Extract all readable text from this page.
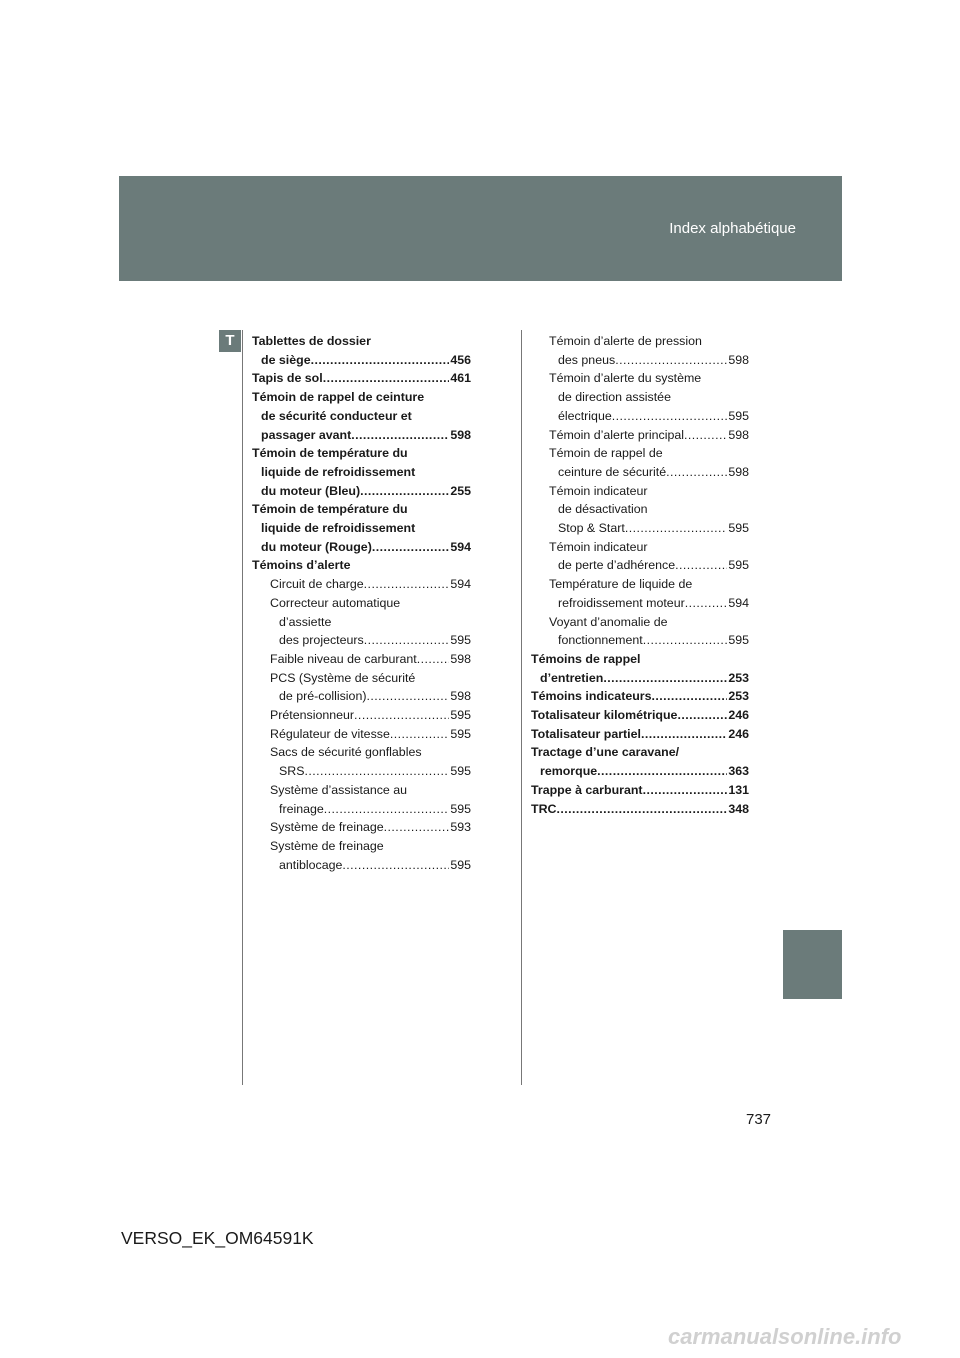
Index alphabétique
T	Tablettes de dossier
de siège . . .	456
Tapis de sol . . .	461
Témoin de rappel de ceinture
de sécurité conducteur et
passager avant . . .	598
Témoin de température du
liquide de refroidissement
du moteur (Bleu) . . .	255
Témoin de température du
liquide de refroidissement
du moteur (Rouge) . . .	594
Témoins d’alerte
Circuit de charge . . .	594
Correcteur automatique
d’assiette
des projecteurs . . .	595
Faible niveau de carburant . . .	598
PCS (Système de sécurité
de pré-collision) . . .	598
Prétensionneur . . .	595
Régulateur de vitesse . . .	595
Sacs de sécurité gonflables
SRS . . .	595
Système d’assistance au
freinage . . .	595
Système de freinage . . .	593
Système de freinage
antiblocage . . .	595
Témoin d’alerte de pression
des pneus . . .	598
Témoin d’alerte du système
de direction assistée
électrique . . .	595
Témoin d’alerte principal . . .	598
Témoin de rappel de
ceinture de sécurité . . .	598
Témoin indicateur
de désactivation
Stop & Start . . .	595
Témoin indicateur
de perte d’adhérence . . .	595
Température de liquide de
refroidissement moteur . . .	594
Voyant d’anomalie de
fonctionnement . . .	595
Témoins de rappel
d’entretien . . .	253
Témoins indicateurs . . .	253
Totalisateur kilométrique . . .	246
Totalisateur partiel . . .	246
Tractage d’une caravane/
remorque . . .	363
Trappe à carburant . . .	131
TRC . . .	348
737
VERSO_EK_OM64591K
carmanualsonline.info
